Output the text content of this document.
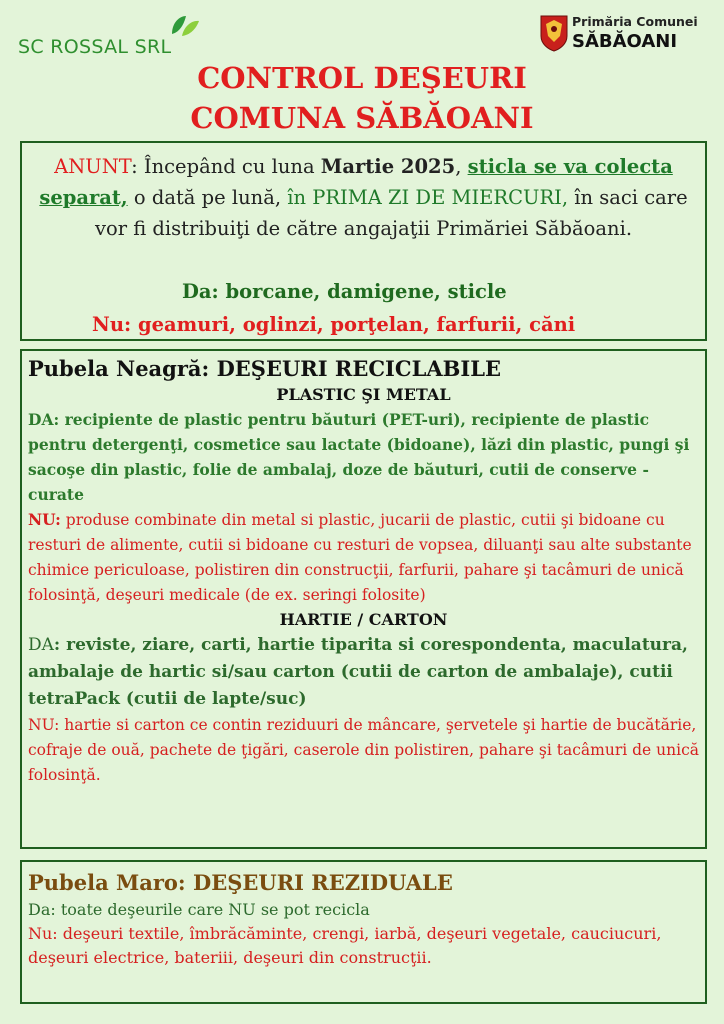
SC ROSSAL SRL
Primăria Comunei
SĂBĂOANI
CONTROL DEŞEURI
COMUNA SĂBĂOANI
ANUNT: Începând cu luna Martie 2025, sticla se va colecta separat, o dată pe lună, în PRIMA ZI DE MIERCURI, în saci care vor fi distribuiţi de către angajaţii Primăriei Săbăoani.
Da: borcane, damigene, sticle
Nu: geamuri, oglinzi, porţelan, farfurii, căni
Pubela Neagră: DEŞEURI RECICLABILE
PLASTIC ŞI METAL
DA: recipiente de plastic pentru băuturi (PET-uri), recipiente de plastic pentru detergenţi, cosmetice sau lactate (bidoane), lăzi din plastic, pungi şi sacoşe din plastic, folie de ambalaj, doze de băuturi, cutii de conserve - curate
NU: produse combinate din metal si plastic, jucarii de plastic, cutii şi bidoane cu resturi de alimente, cutii si bidoane cu resturi de vopsea, diluanţi sau alte substante chimice periculoase, polistiren din construcţii, farfurii, pahare şi tacâmuri de unică folosinţă, deşeuri medicale (de ex. seringi folosite)
HARTIE / CARTON
DA: reviste, ziare, carti, hartie tiparita si corespondenta, maculatura, ambalaje de hartic si/sau carton (cutii de carton de ambalaje), cutii tetraPack (cutii de lapte/suc)
NU: hartie si carton ce contin reziduuri de mâncare, şervetele şi hartie de bucătărie, cofraje de ouă, pachete de ţigări, caserole din polistiren, pahare şi tacâmuri de unică folosinţă.
Pubela Maro: DEŞEURI REZIDUALE
Da: toate deşeurile care NU se pot recicla
Nu: deşeuri textile, îmbrăcăminte, crengi, iarbă, deşeuri vegetale, cauciucuri, deşeuri electrice, bateriii, deşeuri din construcţii.
